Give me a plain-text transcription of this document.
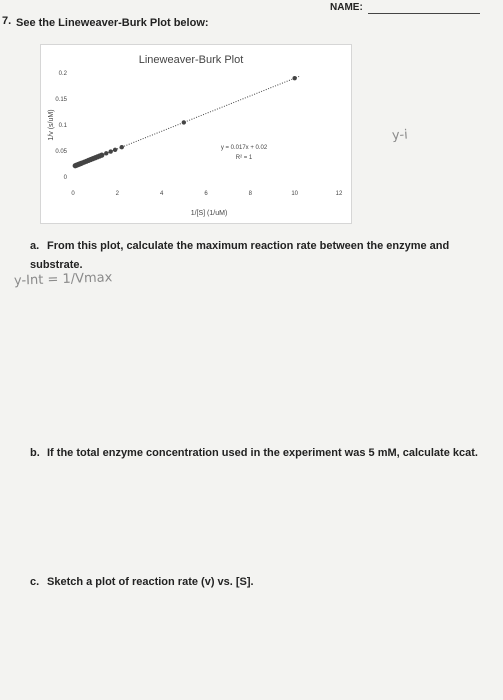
NAME:
7. See the Lineweaver-Burk Plot below:
Lineweaver-Burk Plot
0
0.05
0.1
0.15
0.2
0	2	4	6	8	10	12
1/v (s/uM)
1/[S] (1/uM)
y = 0.017x + 0.02
R² = 1
y-i
y-Int = 1/Vmax
a. From this plot, calculate the maximum reaction rate between the enzyme and substrate.
b. If the total enzyme concentration used in the experiment was 5 mM, calculate kcat.
c. Sketch a plot of reaction rate (v) vs. [S].
